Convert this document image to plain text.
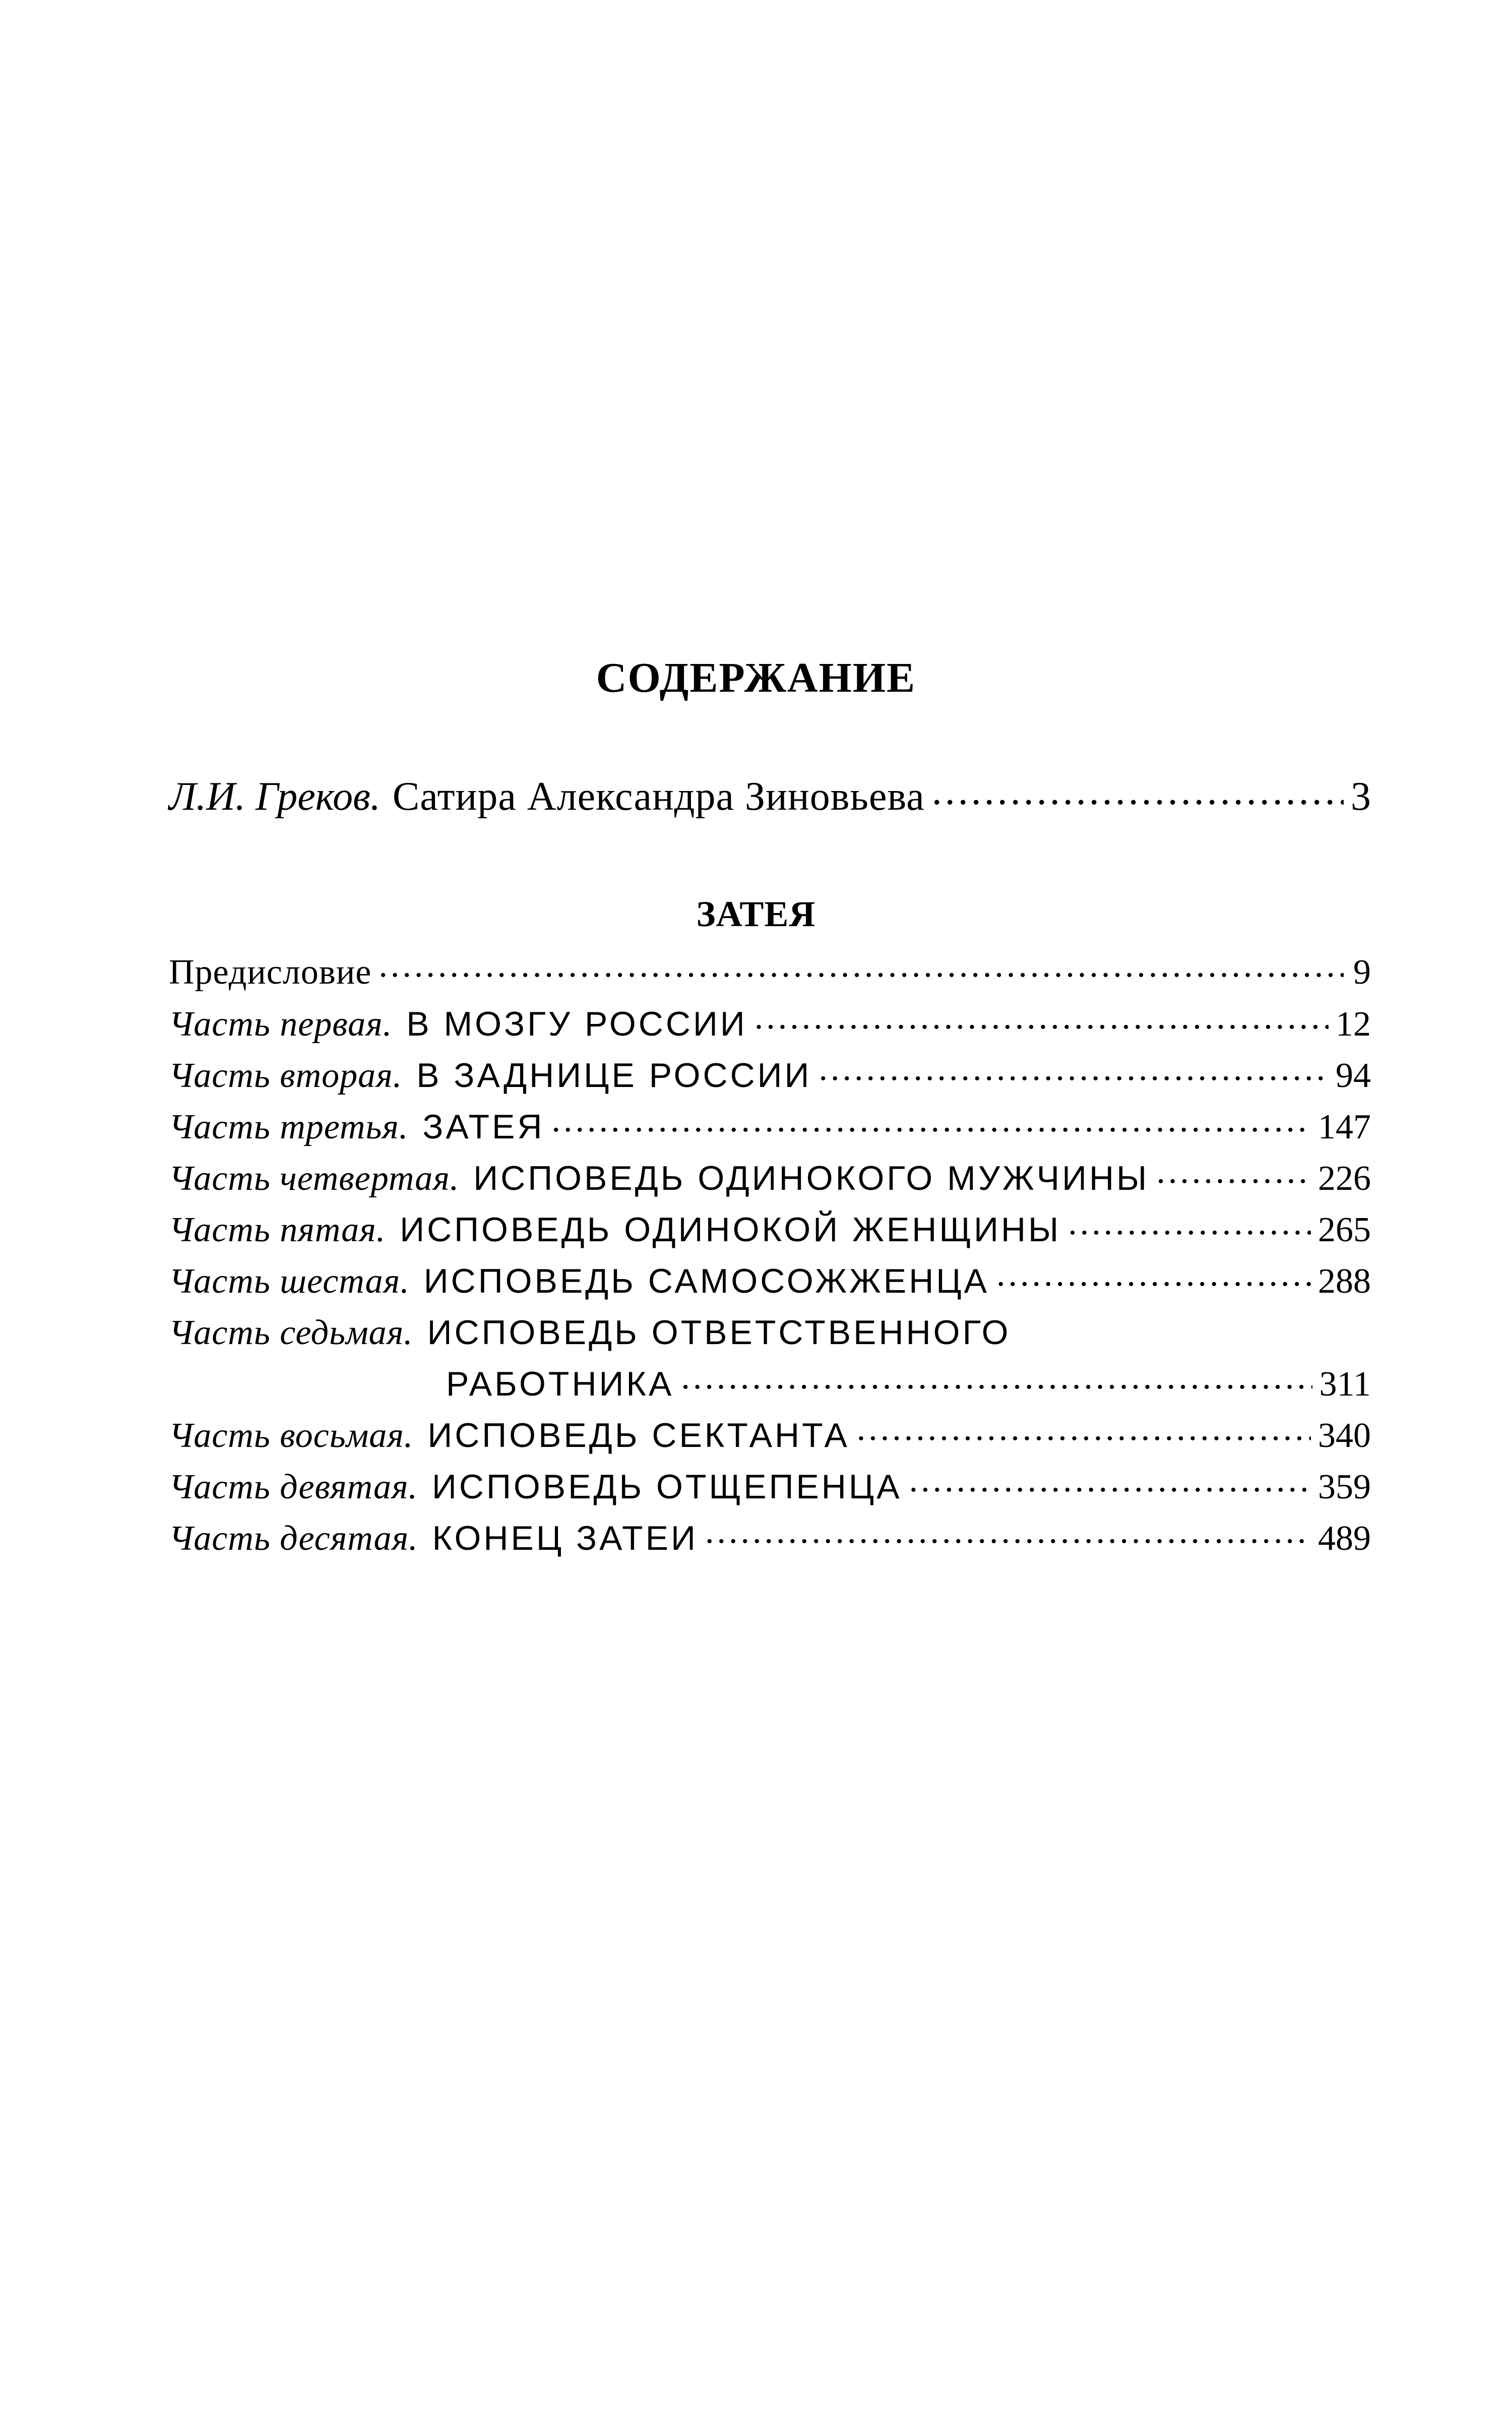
СОДЕРЖАНИЕ
Л.И. Греков. Сатира Александра Зиновьева .....	3
ЗАТЕЯ
Предисловие .....	9
Часть первая. В МОЗГУ РОССИИ .....	12
Часть вторая. В ЗАДНИЦЕ РОССИИ .....	94
Часть третья. ЗАТЕЯ .....	147
Часть четвертая. ИСПОВЕДЬ ОДИНОКОГО МУЖЧИНЫ .....	226
Часть пятая. ИСПОВЕДЬ ОДИНОКОЙ ЖЕНЩИНЫ .....	265
Часть шестая. ИСПОВЕДЬ САМОСОЖЖЕНЦА .....	288
Часть седьмая. ИСПОВЕДЬ ОТВЕТСТВЕННОГО
РАБОТНИКА .....	311
Часть восьмая. ИСПОВЕДЬ СЕКТАНТА .....	340
Часть девятая. ИСПОВЕДЬ ОТЩЕПЕНЦА .....	359
Часть десятая. КОНЕЦ ЗАТЕИ .....	489
